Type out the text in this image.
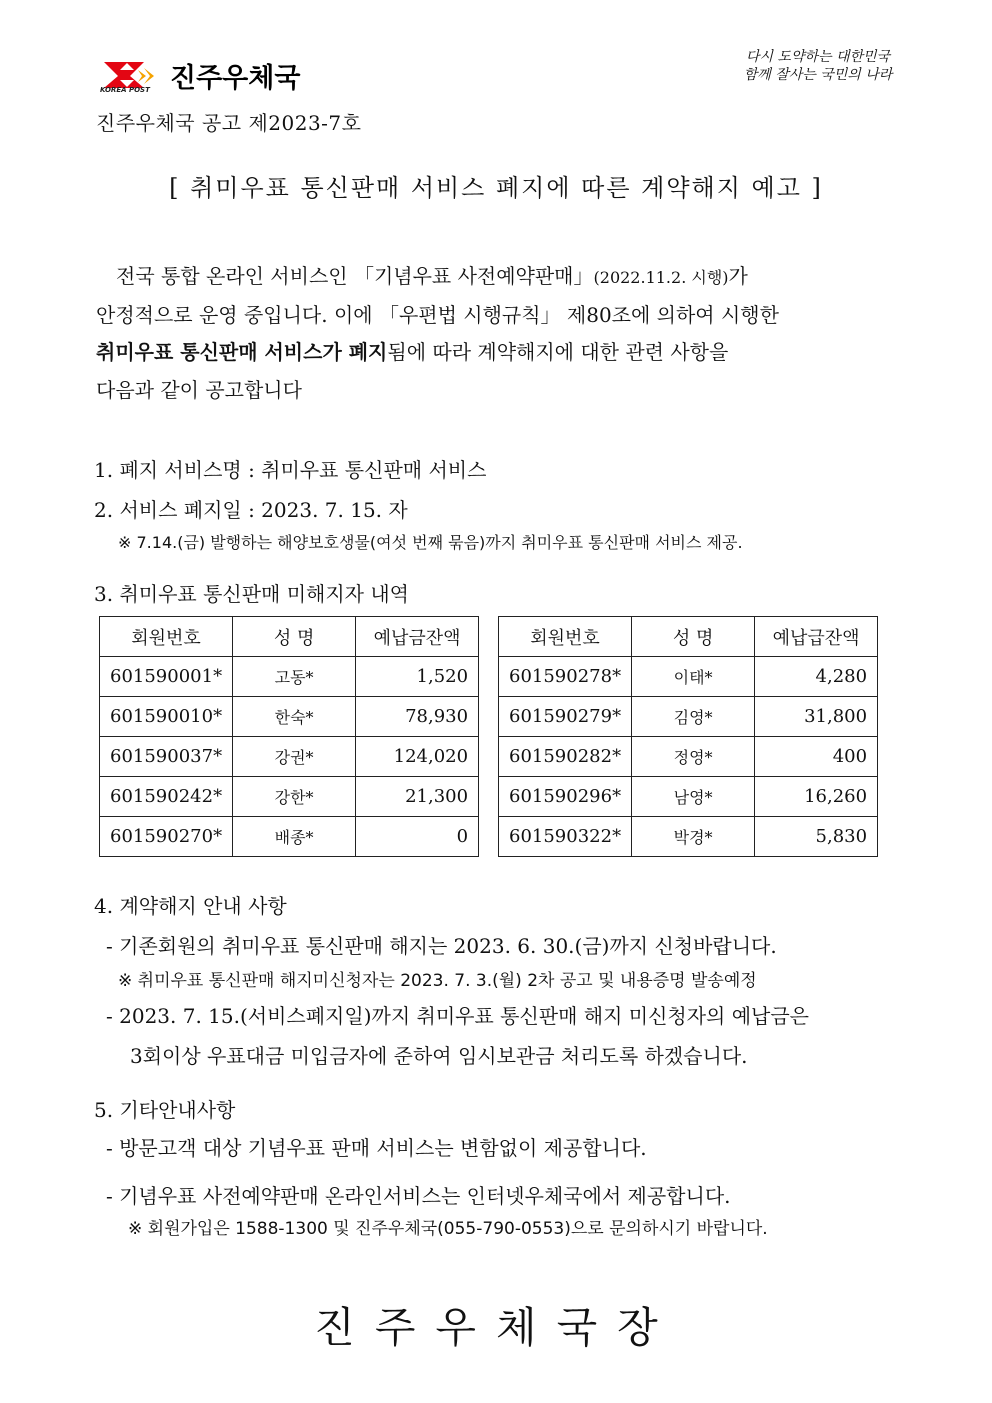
KOREA POST 진주우체국
다시 도약하는 대한민국
함께 잘사는 국민의 나라
진주우체국 공고 제2023-7호
[ 취미우표 통신판매 서비스 폐지에 따른 계약해지 예고 ]
전국 통합 온라인 서비스인 「기념우표 사전예약판매」(2022.11.2. 시행)가
안정적으로 운영 중입니다. 이에 「우편법 시행규칙」 제80조에 의하여 시행한
취미우표 통신판매 서비스가 폐지됨에 따라 계약해지에 대한 관련 사항을
다음과 같이 공고합니다
1. 폐지 서비스명 : 취미우표 통신판매 서비스
2. 서비스 폐지일 : 2023. 7. 15. 자
※ 7.14.(금) 발행하는 해양보호생물(여섯 번째 묶음)까지 취미우표 통신판매 서비스 제공.
3. 취미우표 통신판매 미해지자 내역
회원번호	성 명	예납금잔액
601590001*	고동*	1,520
601590010*	한숙*	78,930
601590037*	강권*	124,020
601590242*	강한*	21,300
601590270*	배종*	0
회원번호	성 명	예납급잔액
601590278*	이태*	4,280
601590279*	김영*	31,800
601590282*	정영*	400
601590296*	남영*	16,260
601590322*	박경*	5,830
4. 계약해지 안내 사항
- 기존회원의 취미우표 통신판매 해지는 2023. 6. 30.(금)까지 신청바랍니다.
※ 취미우표 통신판매 해지미신청자는 2023. 7. 3.(월) 2차 공고 및 내용증명 발송예정
- 2023. 7. 15.(서비스폐지일)까지 취미우표 통신판매 해지 미신청자의 예납금은
3회이상 우표대금 미입금자에 준하여 임시보관금 처리도록 하겠습니다.
5. 기타안내사항
- 방문고객 대상 기념우표 판매 서비스는 변함없이 제공합니다.
- 기념우표 사전예약판매 온라인서비스는 인터넷우체국에서 제공합니다.
※ 회원가입은 1588-1300 및 진주우체국(055-790-0553)으로 문의하시기 바랍니다.
진주우체국장
